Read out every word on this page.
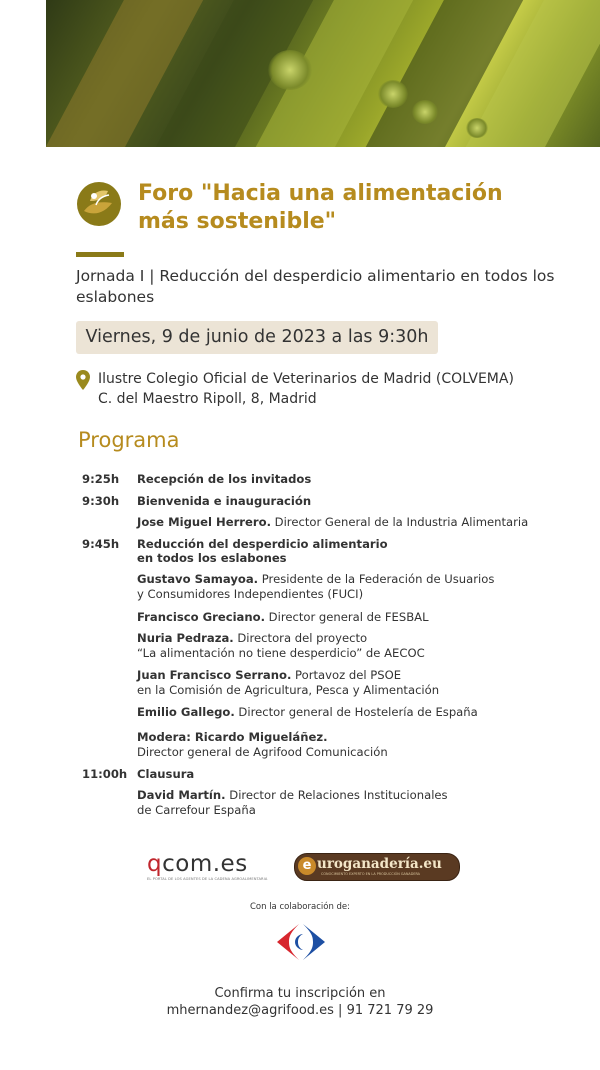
Foro "Hacia una alimentación más sostenible"

Jornada I | Reducción del desperdicio alimentario en todos los eslabones

Viernes, 9 de junio de 2023 a las 9:30h
Ilustre Colegio Oficial de Veterinarios de Madrid (COLVEMA)
C. del Maestro Ripoll, 8, Madrid
Programa
9:25h Recepción de los invitados
9:30h Bienvenida e inauguración
Jose Miguel Herrero. Director General de la Industria Alimentaria
9:45h Reducción del desperdicio alimentario
en todos los eslabones
Gustavo Samayoa. Presidente de la Federación de Usuarios
y Consumidores Independientes (FUCI)
Francisco Greciano. Director general de FESBAL
Nuria Pedraza. Directora del proyecto
“La alimentación no tiene desperdicio” de AECOC
Juan Francisco Serrano. Portavoz del PSOE
en la Comisión de Agricultura, Pesca y Alimentación
Emilio Gallego. Director general de Hostelería de España
Modera: Ricardo Migueláñez.
Director general de Agrifood Comunicación
11:00h Clausura
David Martín. Director de Relaciones Institucionales
de Carrefour España
qcom.es
EL PORTAL DE LOS AGENTES DE LA CADENA AGROALIMENTARIA
e uroganadería.eu
CONOCIMIENTO EXPERTO EN LA PRODUCCIÓN GANADERA
Con la colaboración de:
Confirma tu inscripción en
mhernandez@agrifood.es | 91 721 79 29
